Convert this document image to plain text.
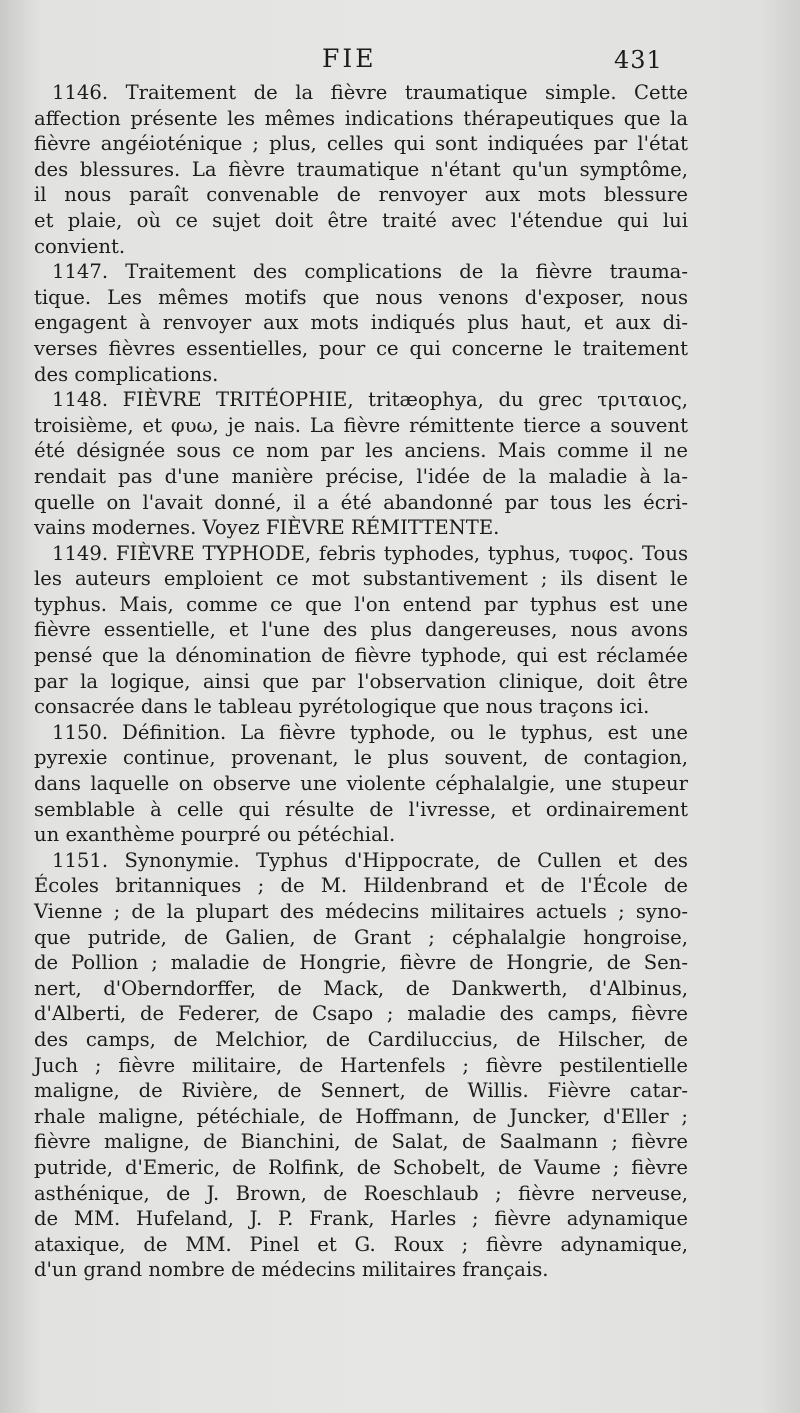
FIE	431
1146. Traitement de la fièvre traumatique simple. Cette
affection présente les mêmes indications thérapeutiques que la
fièvre angéioténique ; plus, celles qui sont indiquées par l'état
des blessures. La fièvre traumatique n'étant qu'un symptôme,
il nous paraît convenable de renvoyer aux mots blessure
et plaie, où ce sujet doit être traité avec l'étendue qui lui
convient.
1147. Traitement des complications de la fièvre trauma-
tique. Les mêmes motifs que nous venons d'exposer, nous
engagent à renvoyer aux mots indiqués plus haut, et aux di-
verses fièvres essentielles, pour ce qui concerne le traitement
des complications.
1148. FIÈVRE TRITÉOPHIE, tritæophya, du grec τριταιος,
troisième, et φυω, je nais. La fièvre rémittente tierce a souvent
été désignée sous ce nom par les anciens. Mais comme il ne
rendait pas d'une manière précise, l'idée de la maladie à la-
quelle on l'avait donné, il a été abandonné par tous les écri-
vains modernes. Voyez FIÈVRE RÉMITTENTE.
1149. FIÈVRE TYPHODE, febris typhodes, typhus, τυφος. Tous
les auteurs emploient ce mot substantivement ; ils disent le
typhus. Mais, comme ce que l'on entend par typhus est une
fièvre essentielle, et l'une des plus dangereuses, nous avons
pensé que la dénomination de fièvre typhode, qui est réclamée
par la logique, ainsi que par l'observation clinique, doit être
consacrée dans le tableau pyrétologique que nous traçons ici.
1150. Définition. La fièvre typhode, ou le typhus, est une
pyrexie continue, provenant, le plus souvent, de contagion,
dans laquelle on observe une violente céphalalgie, une stupeur
semblable à celle qui résulte de l'ivresse, et ordinairement
un exanthème pourpré ou pétéchial.
1151. Synonymie. Typhus d'Hippocrate, de Cullen et des
Écoles britanniques ; de M. Hildenbrand et de l'École de
Vienne ; de la plupart des médecins militaires actuels ; syno-
que putride, de Galien, de Grant ; céphalalgie hongroise,
de Pollion ; maladie de Hongrie, fièvre de Hongrie, de Sen-
nert, d'Oberndorffer, de Mack, de Dankwerth, d'Albinus,
d'Alberti, de Federer, de Csapo ; maladie des camps, fièvre
des camps, de Melchior, de Cardiluccius, de Hilscher, de
Juch ; fièvre militaire, de Hartenfels ; fièvre pestilentielle
maligne, de Rivière, de Sennert, de Willis. Fièvre catar-
rhale maligne, pétéchiale, de Hoffmann, de Juncker, d'Eller ;
fièvre maligne, de Bianchini, de Salat, de Saalmann ; fièvre
putride, d'Emeric, de Rolfink, de Schobelt, de Vaume ; fièvre
asthénique, de J. Brown, de Roeschlaub ; fièvre nerveuse,
de MM. Hufeland, J. P. Frank, Harles ; fièvre adynamique
ataxique, de MM. Pinel et G. Roux ; fièvre adynamique,
d'un grand nombre de médecins militaires français.
